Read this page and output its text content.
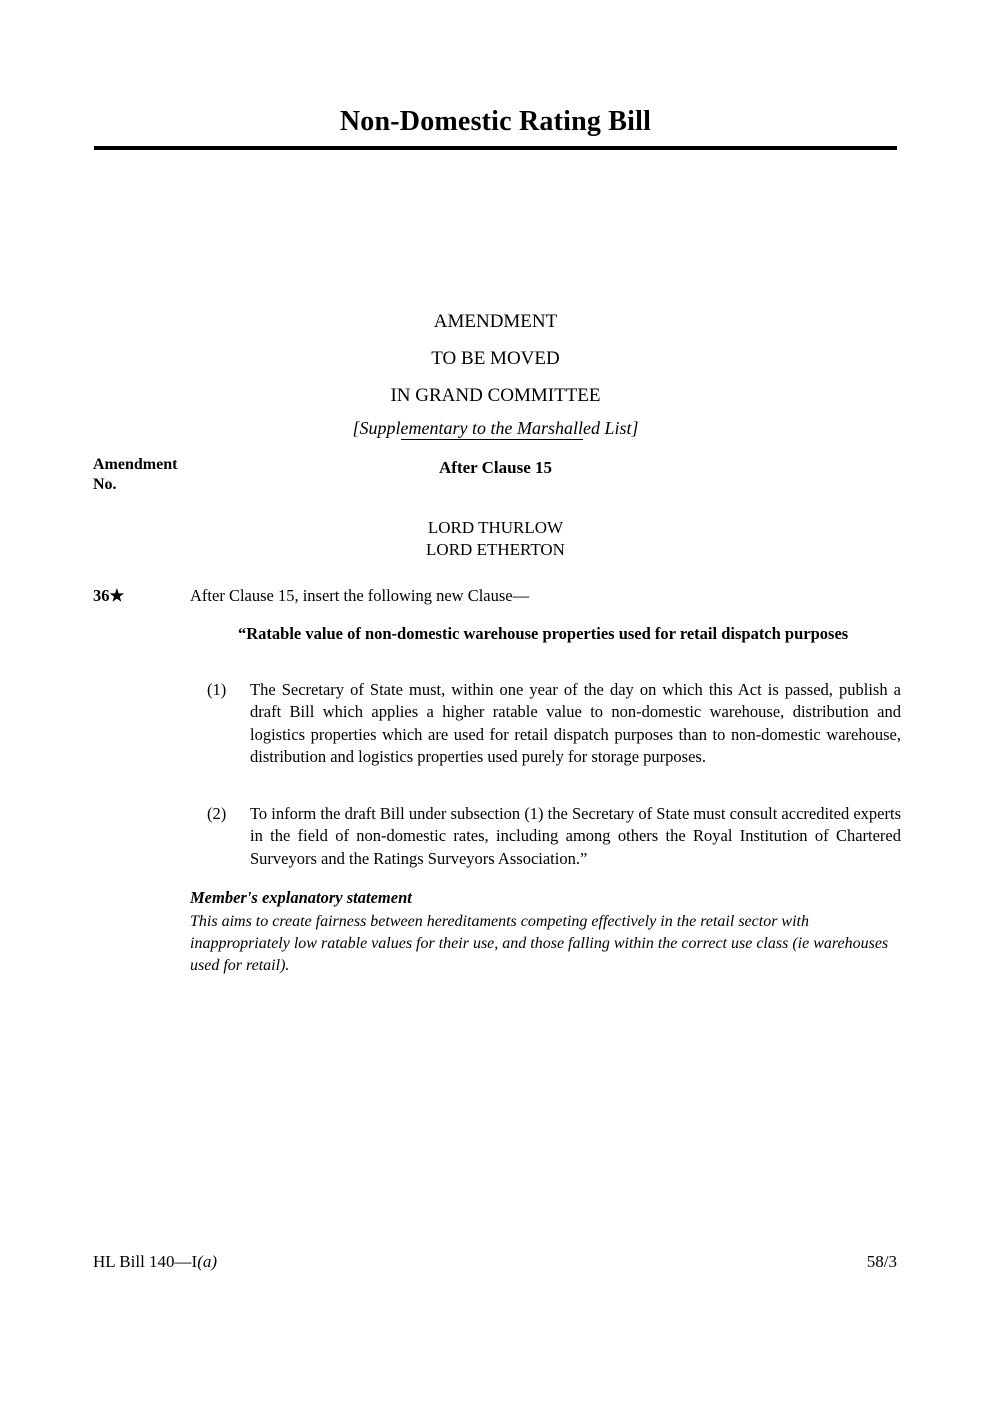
Non-Domestic Rating Bill

AMENDMENT

TO BE MOVED

IN GRAND COMMITTEE

[Supplementary to the Marshalled List]

Amendment

No.

After Clause 15

LORD THURLOW

LORD ETHERTON

36★	After Clause 15, insert the following new Clause—

“Ratable value of non-domestic warehouse properties used for retail dispatch purposes

(1) The Secretary of State must, within one year of the day on which this Act is passed, publish a draft Bill which applies a higher ratable value to non-domestic warehouse, distribution and logistics properties which are used for retail dispatch purposes than to non-domestic warehouse, distribution and logistics properties used purely for storage purposes.
(2) To inform the draft Bill under subsection (1) the Secretary of State must consult accredited experts in the field of non-domestic rates, including among others the Royal Institution of Chartered Surveyors and the Ratings Surveyors Association.”

Member's explanatory statement

This aims to create fairness between hereditaments competing effectively in the retail sector with inappropriately low ratable values for their use, and those falling within the correct use class (ie warehouses used for retail).

HL Bill 140—I(a)	58/3
